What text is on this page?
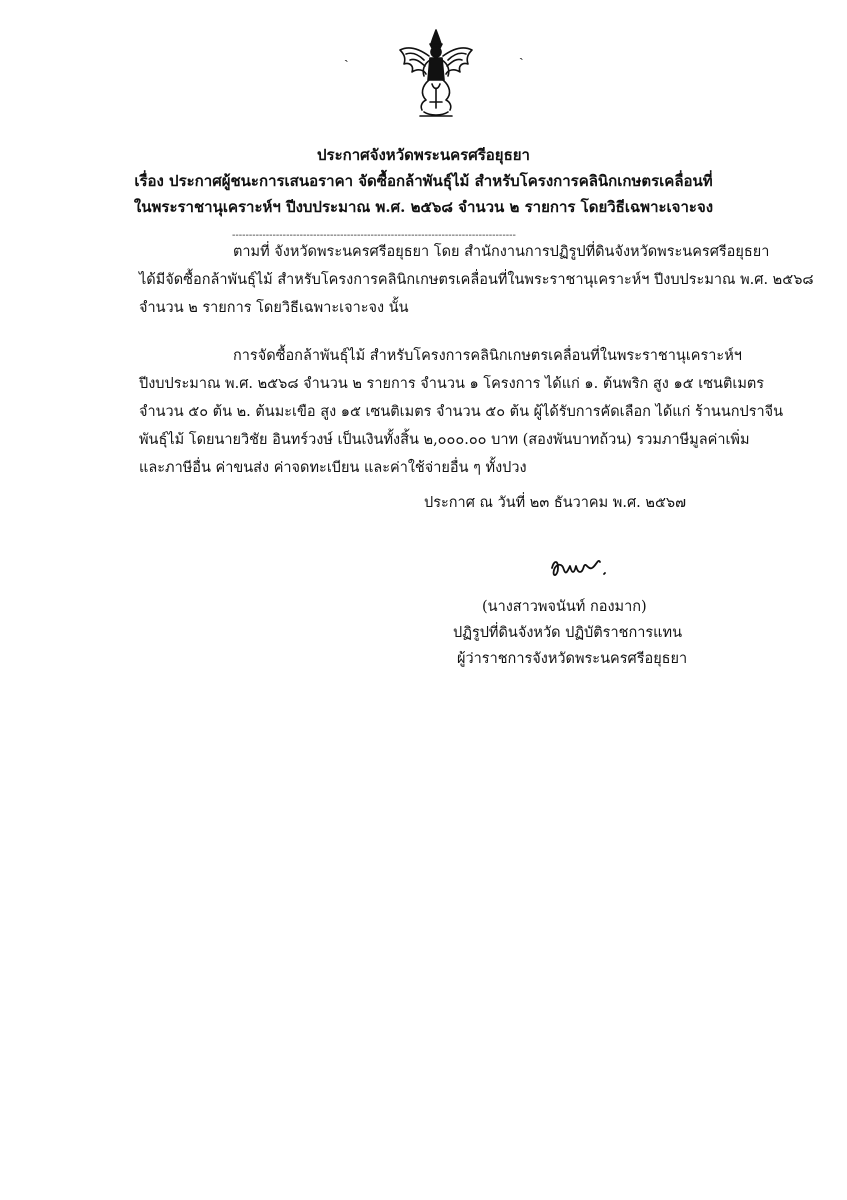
ˎ	ˎ
ประกาศจังหวัดพระนครศรีอยุธยา
เรื่อง ประกาศผู้ชนะการเสนอราคา จัดซื้อกล้าพันธุ์ไม้ สำหรับโครงการคลินิกเกษตรเคลื่อนที่
ในพระราชานุเคราะห์ฯ ปีงบประมาณ พ.ศ. ๒๕๖๘ จำนวน ๒ รายการ โดยวิธีเฉพาะเจาะจง
------------------------------------------------------------------------------------
ตามที่ จังหวัดพระนครศรีอยุธยา โดย สำนักงานการปฏิรูปที่ดินจังหวัดพระนครศรีอยุธยา
ได้มีจัดซื้อกล้าพันธุ์ไม้ สำหรับโครงการคลินิกเกษตรเคลื่อนที่ในพระราชานุเคราะห์ฯ ปีงบประมาณ พ.ศ. ๒๕๖๘
จำนวน ๒ รายการ โดยวิธีเฉพาะเจาะจง นั้น
การจัดซื้อกล้าพันธุ์ไม้ สำหรับโครงการคลินิกเกษตรเคลื่อนที่ในพระราชานุเคราะห์ฯ
ปีงบประมาณ พ.ศ. ๒๕๖๘ จำนวน ๒ รายการ จำนวน ๑ โครงการ ได้แก่ ๑. ต้นพริก สูง ๑๕ เซนติเมตร
จำนวน ๕๐ ต้น ๒. ต้นมะเขือ สูง ๑๕ เซนติเมตร จำนวน ๕๐ ต้น ผู้ได้รับการคัดเลือก ได้แก่ ร้านนกปราจีน
พันธุ์ไม้ โดยนายวิชัย อินทร์วงษ์ เป็นเงินทั้งสิ้น ๒,๐๐๐.๐๐ บาท (สองพันบาทถ้วน) รวมภาษีมูลค่าเพิ่ม
และภาษีอื่น ค่าขนส่ง ค่าจดทะเบียน และค่าใช้จ่ายอื่น ๆ ทั้งปวง
ประกาศ ณ วันที่ ๒๓ ธันวาคม พ.ศ. ๒๕๖๗
(นางสาวพจนันท์ กองมาก)
ปฏิรูปที่ดินจังหวัด ปฏิบัติราชการแทน
ผู้ว่าราชการจังหวัดพระนครศรีอยุธยา
